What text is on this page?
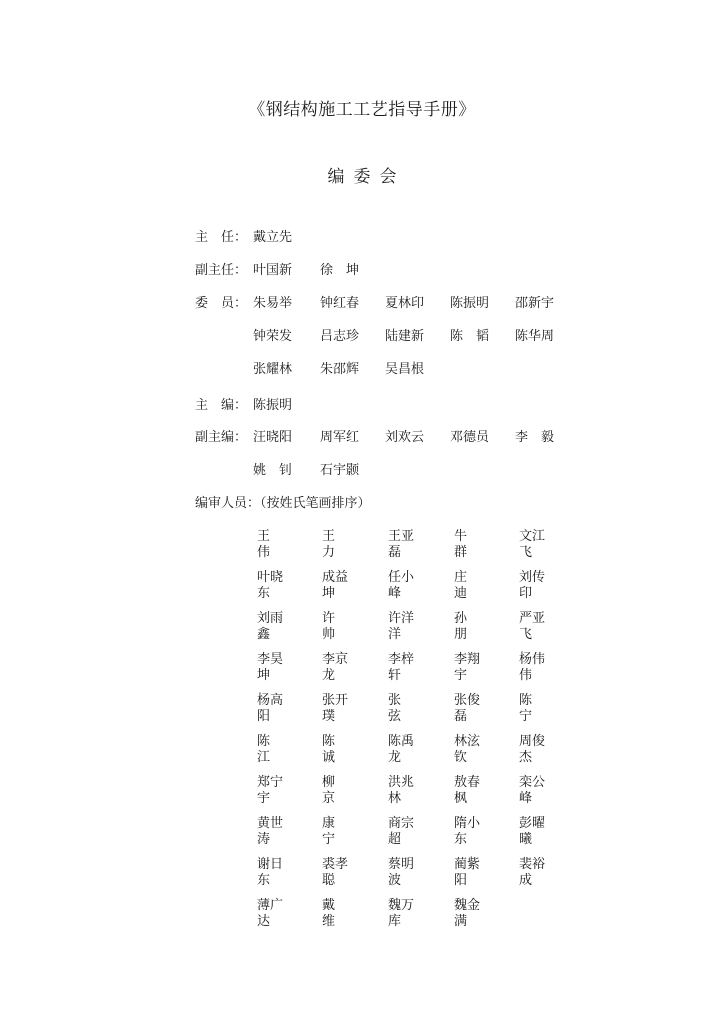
《钢结构施工工艺指导手册》
编委会
主　任： 戴立先
副主任： 叶国新 徐　坤
委　员： 朱易举 钟红春 夏林印 陈振明 邵新宇
钟荣发 吕志珍 陆建新 陈　韬 陈华周
张耀林 朱邵辉 吴昌根
主　编： 陈振明
副主编： 汪晓阳 周军红 刘欢云 邓德员 李　毅
姚　钊 石宇颢
编审人员：（按姓氏笔画排序）
王
伟
王
力
王亚
磊
牛
群
文江
飞
叶晓
东
成益
坤
任小
峰
庄
迪
刘传
印
刘雨
鑫
许
帅
许洋
洋
孙
朋
严亚
飞
李昊
坤
李京
龙
李梓
轩
李翔
宇
杨伟
伟
杨高
阳
张开
璞
张
弦
张俊
磊
陈
宁
陈
江
陈
诚
陈禹
龙
林泫
钦
周俊
杰
郑宁
宇
柳
京
洪兆
林
敖春
枫
栾公
峰
黄世
涛
康
宁
商宗
超
隋小
东
彭曜
曦
谢日
东
裘孝
聪
蔡明
波
蔺紫
阳
裴裕
成
薄广
达
戴
维
魏万
库
魏金
满
